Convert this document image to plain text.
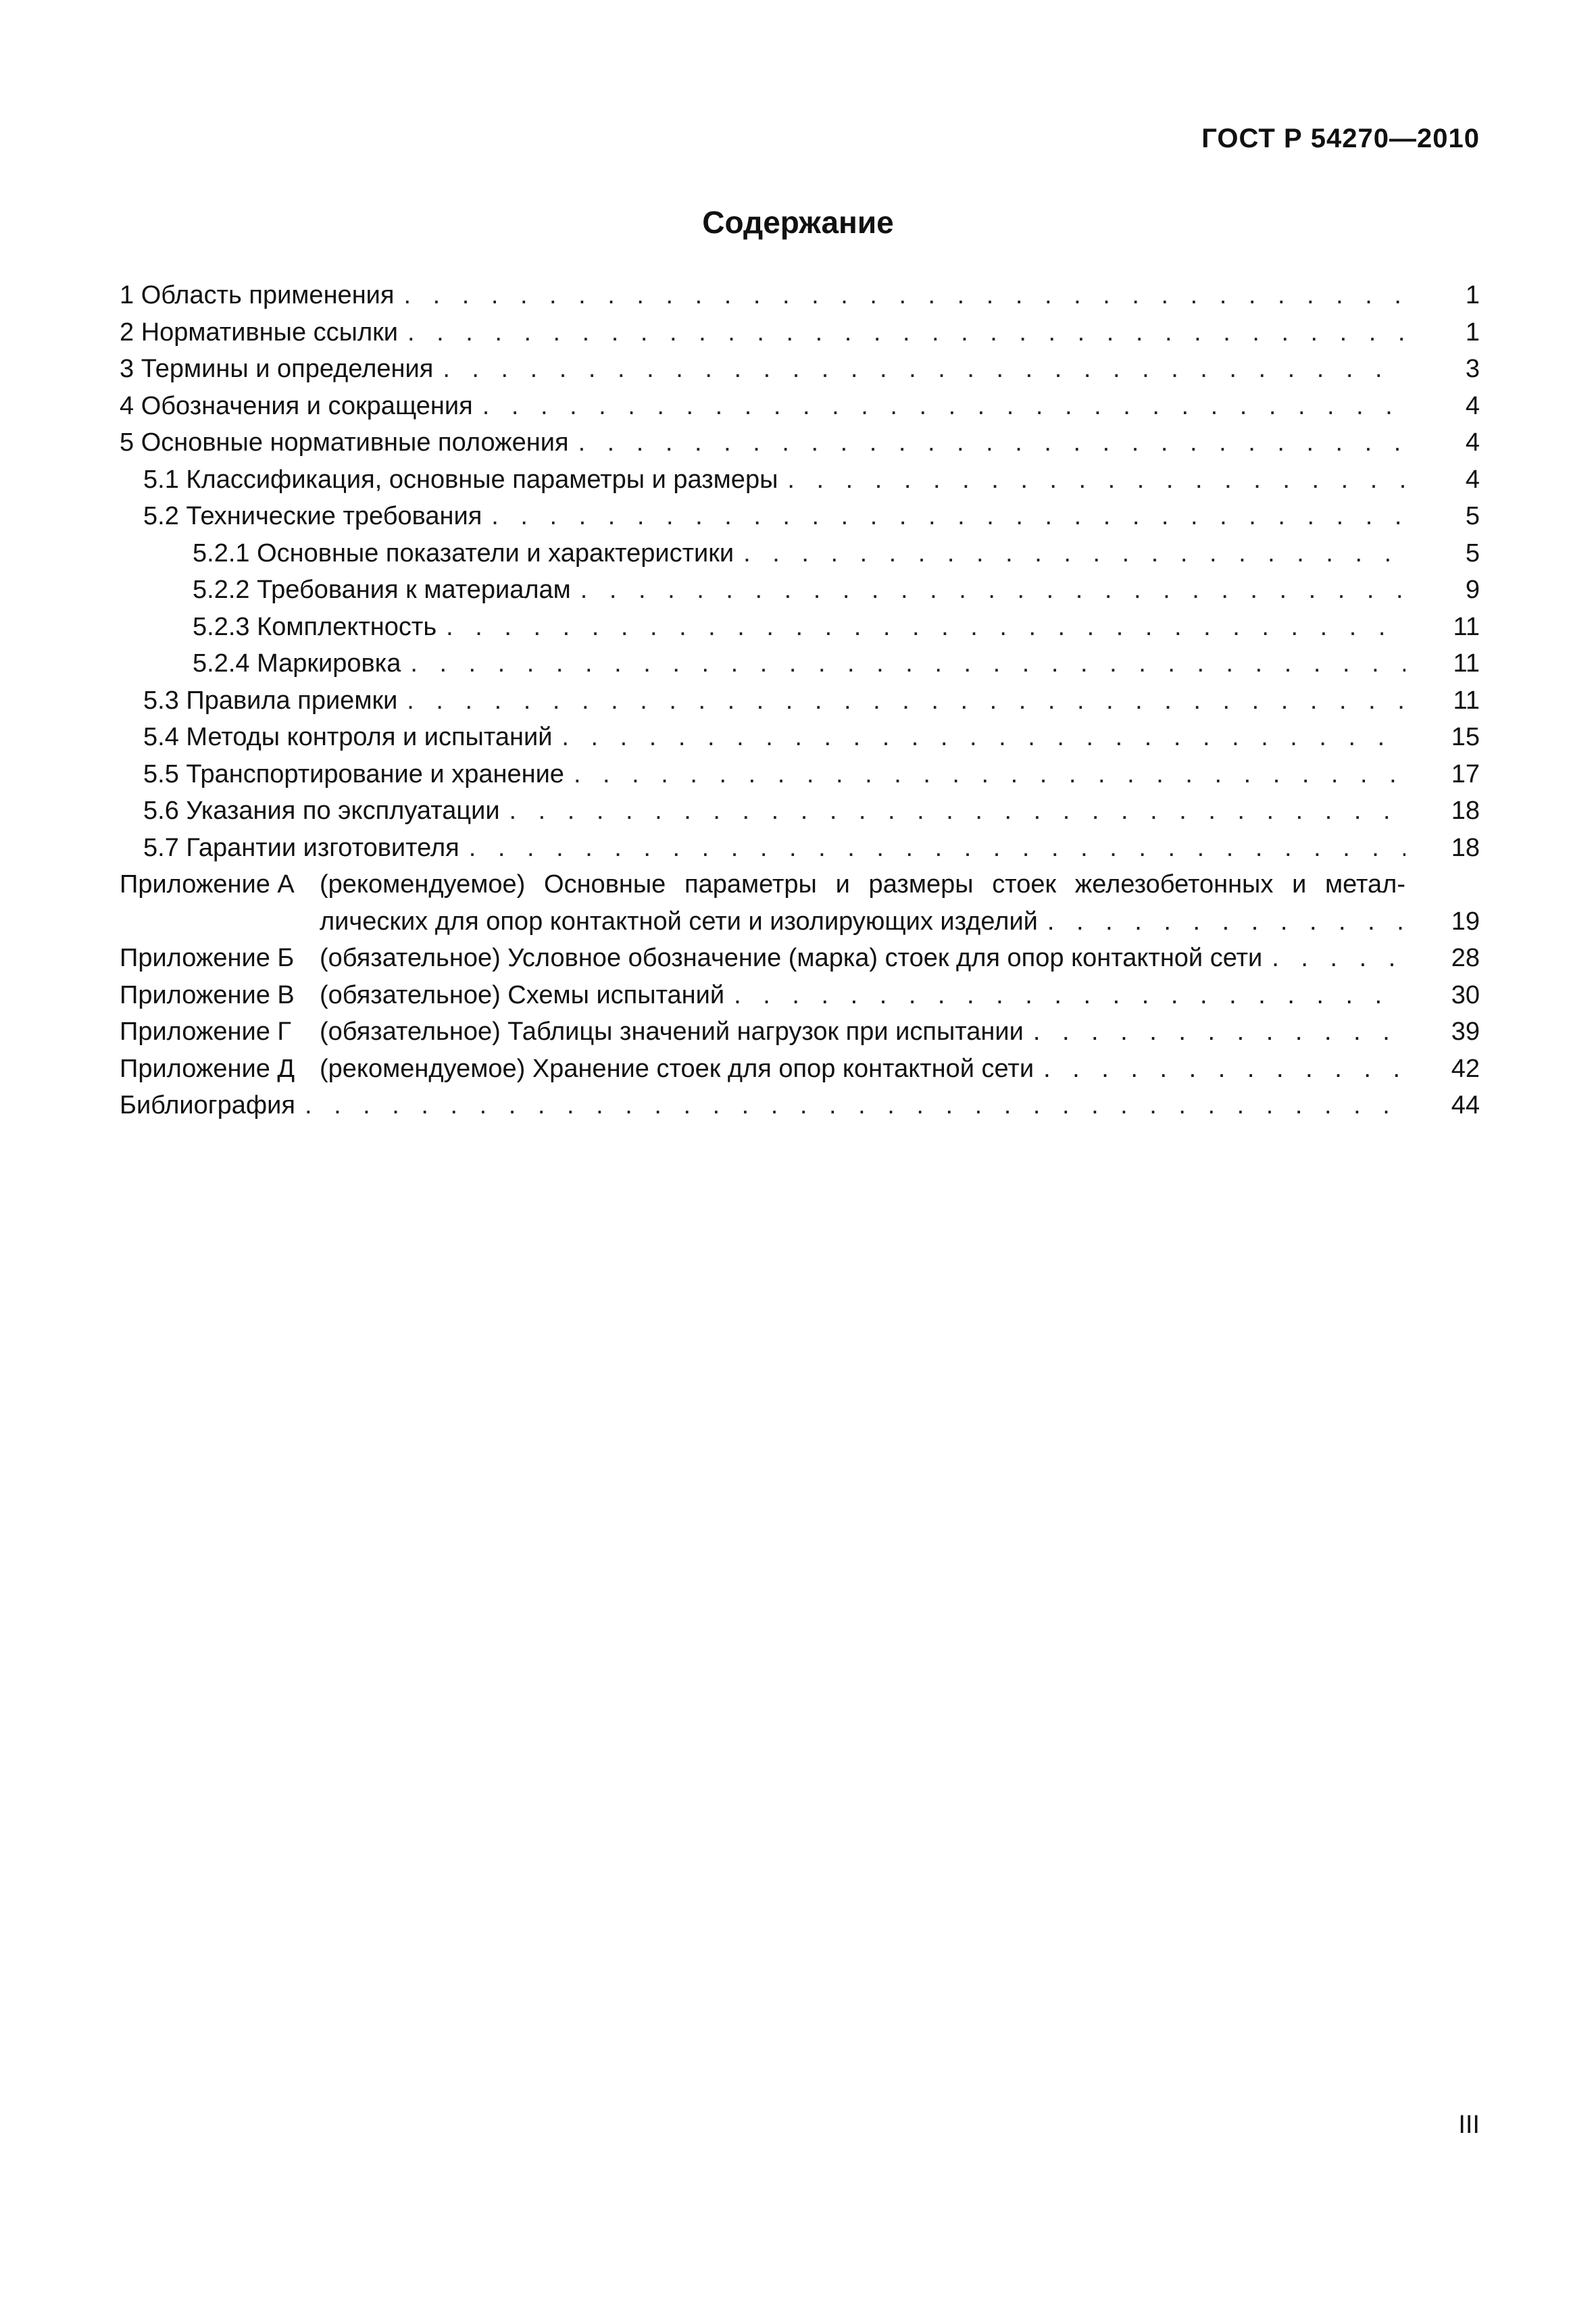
ГОСТ Р 54270—2010
Содержание
1 Область применения . . .	1
2 Нормативные ссылки . . .	1
3 Термины и определения . . .	3
4 Обозначения и сокращения . . .	4
5 Основные нормативные положения . . .	4
5.1 Классификация, основные параметры и размеры . . .	4
5.2 Технические требования . . .	5
5.2.1 Основные показатели и характеристики . . .	5
5.2.2 Требования к материалам . . .	9
5.2.3 Комплектность . . .	11
5.2.4 Маркировка . . .	11
5.3 Правила приемки . . .	11
5.4 Методы контроля и испытаний . . .	15
5.5 Транспортирование и хранение . . .	17
5.6 Указания по эксплуатации . . .	18
5.7 Гарантии изготовителя . . .	18
Приложение А (рекомендуемое) Основные параметры и размеры стоек железобетонных и метал-
лических для опор контактной сети и изолирующих изделий . . .	19
Приложение Б (обязательное) Условное обозначение (марка) стоек для опор контактной сети . . .	28
Приложение В (обязательное) Схемы испытаний . . .	30
Приложение Г	(обязательное) Таблицы значений нагрузок при испытании . . .	39
Приложение Д (рекомендуемое) Хранение стоек для опор контактной сети . . .	42
Библиография . . .	44
III
